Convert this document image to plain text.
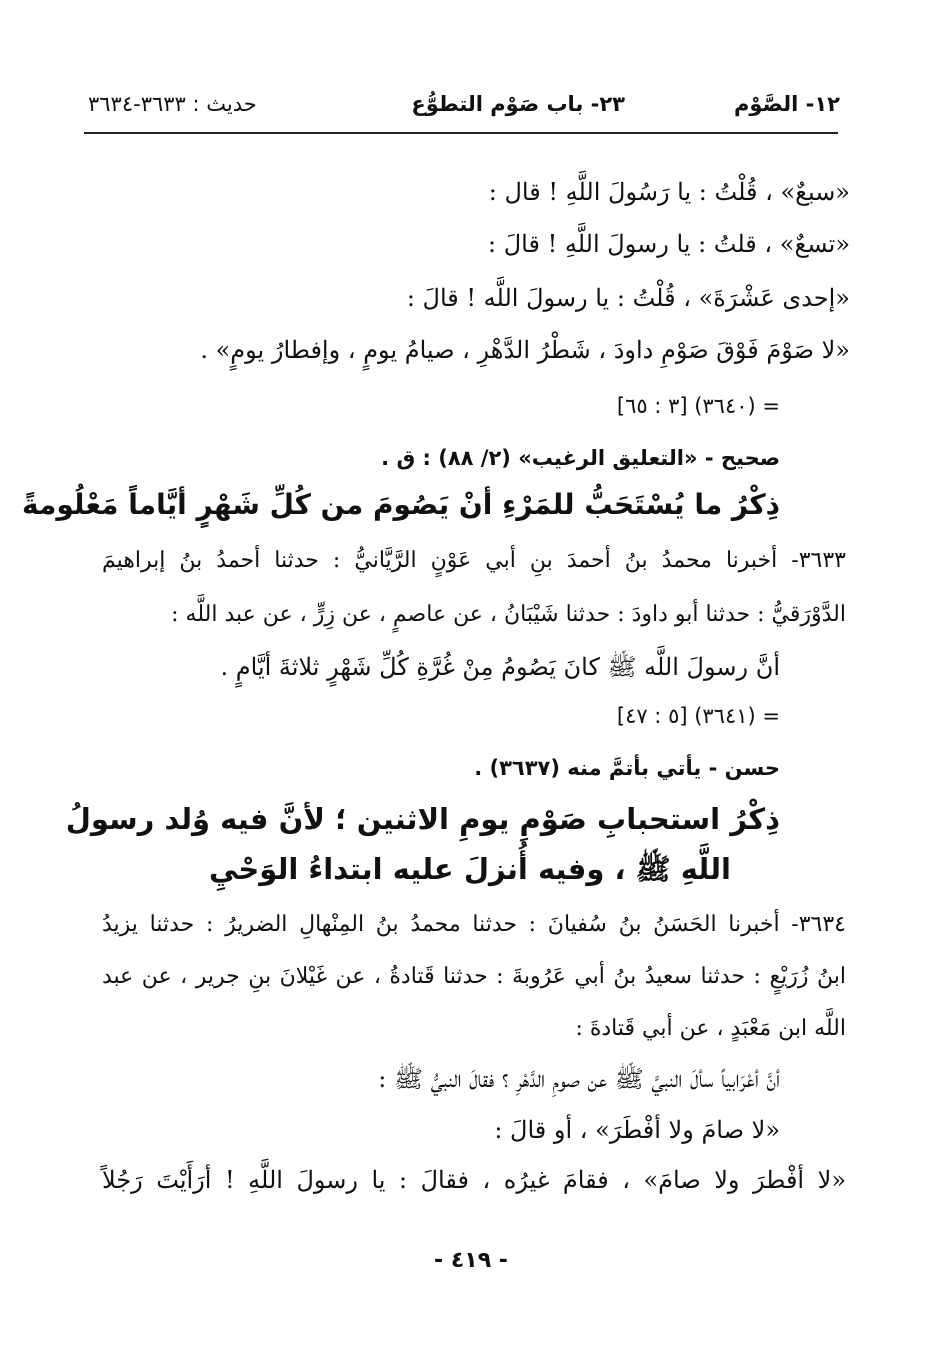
١٢- الصَّوْم
٢٣- باب صَوْم التطوُّع
حديث : ٣٦٣٣-٣٦٣٤
«سبعٌ» ، قُلْتُ : يا رَسُولَ اللَّهِ ! قال :
«تسعٌ» ، قلتُ : يا رسولَ اللَّهِ ! قالَ :
«إحدى عَشْرَةَ» ، قُلْتُ : يا رسولَ اللَّه ! قالَ :
«لا صَوْمَ فَوْقَ صَوْمِ داودَ ، شَطْرُ الدَّهْرِ ، صيامُ يومٍ ، وإفطارُ يومٍ» .
= (٣٦٤٠) [٣ : ٦٥]
صحيح - «التعليق الرغيب» (٢/ ٨٨) : ق .
ذِكْرُ ما يُسْتَحَبُّ للمَرْءِ أنْ يَصُومَ من كُلِّ شَهْرٍ أيَّاماً مَعْلُومةً
٣٦٣٣- أخبرنا محمدُ بنُ أحمدَ بنِ أبي عَوْنٍ الرَّيَّانيُّ : حدثنا أحمدُ بنُ إبراهيمَ
الدَّوْرَقيُّ : حدثنا أبو داودَ : حدثنا شَيْبَانُ ، عن عاصمٍ ، عن زِرٍّ ، عن عبد اللَّه :
أنَّ رسولَ اللَّه ﷺ كانَ يَصُومُ مِنْ غُرَّةِ كُلِّ شَهْرٍ ثلاثةَ أيَّامٍ .
= (٣٦٤١) [٥ : ٤٧]
حسن - يأتي بأتمَّ منه (٣٦٣٧) .
ذِكْرُ استحبابِ صَوْمِ يومِ الاثنين ؛ لأنَّ فيه وُلد رسولُ
اللَّهِ ﷺ ، وفيه أُنزلَ عليه ابتداءُ الوَحْيِ
٣٦٣٤- أخبرنا الحَسَنُ بنُ سُفيانَ : حدثنا محمدُ بنُ المِنْهالِ الضريرُ : حدثنا يزيدُ
ابنُ زُرَيْعٍ : حدثنا سعيدُ بنُ أبي عَرُوبةَ : حدثنا قَتادةُ ، عن غَيْلانَ بنِ جرير ، عن عبد
اللَّه ابن مَعْبَدٍ ، عن أبي قَتادةَ :
أنَّ أعْرَابياً سألَ النبيَّ ﷺ عن صومِ الدَّهْرِ ؟ فقالَ النبيُّ ﷺ :
«لا صامَ ولا أفْطَرَ» ، أو قالَ :
«لا أفْطرَ ولا صامَ» ، فقامَ غيرُه ، فقالَ : يا رسولَ اللَّهِ ! أرَأَيْتَ رَجُلاً
- ٤١٩ -
